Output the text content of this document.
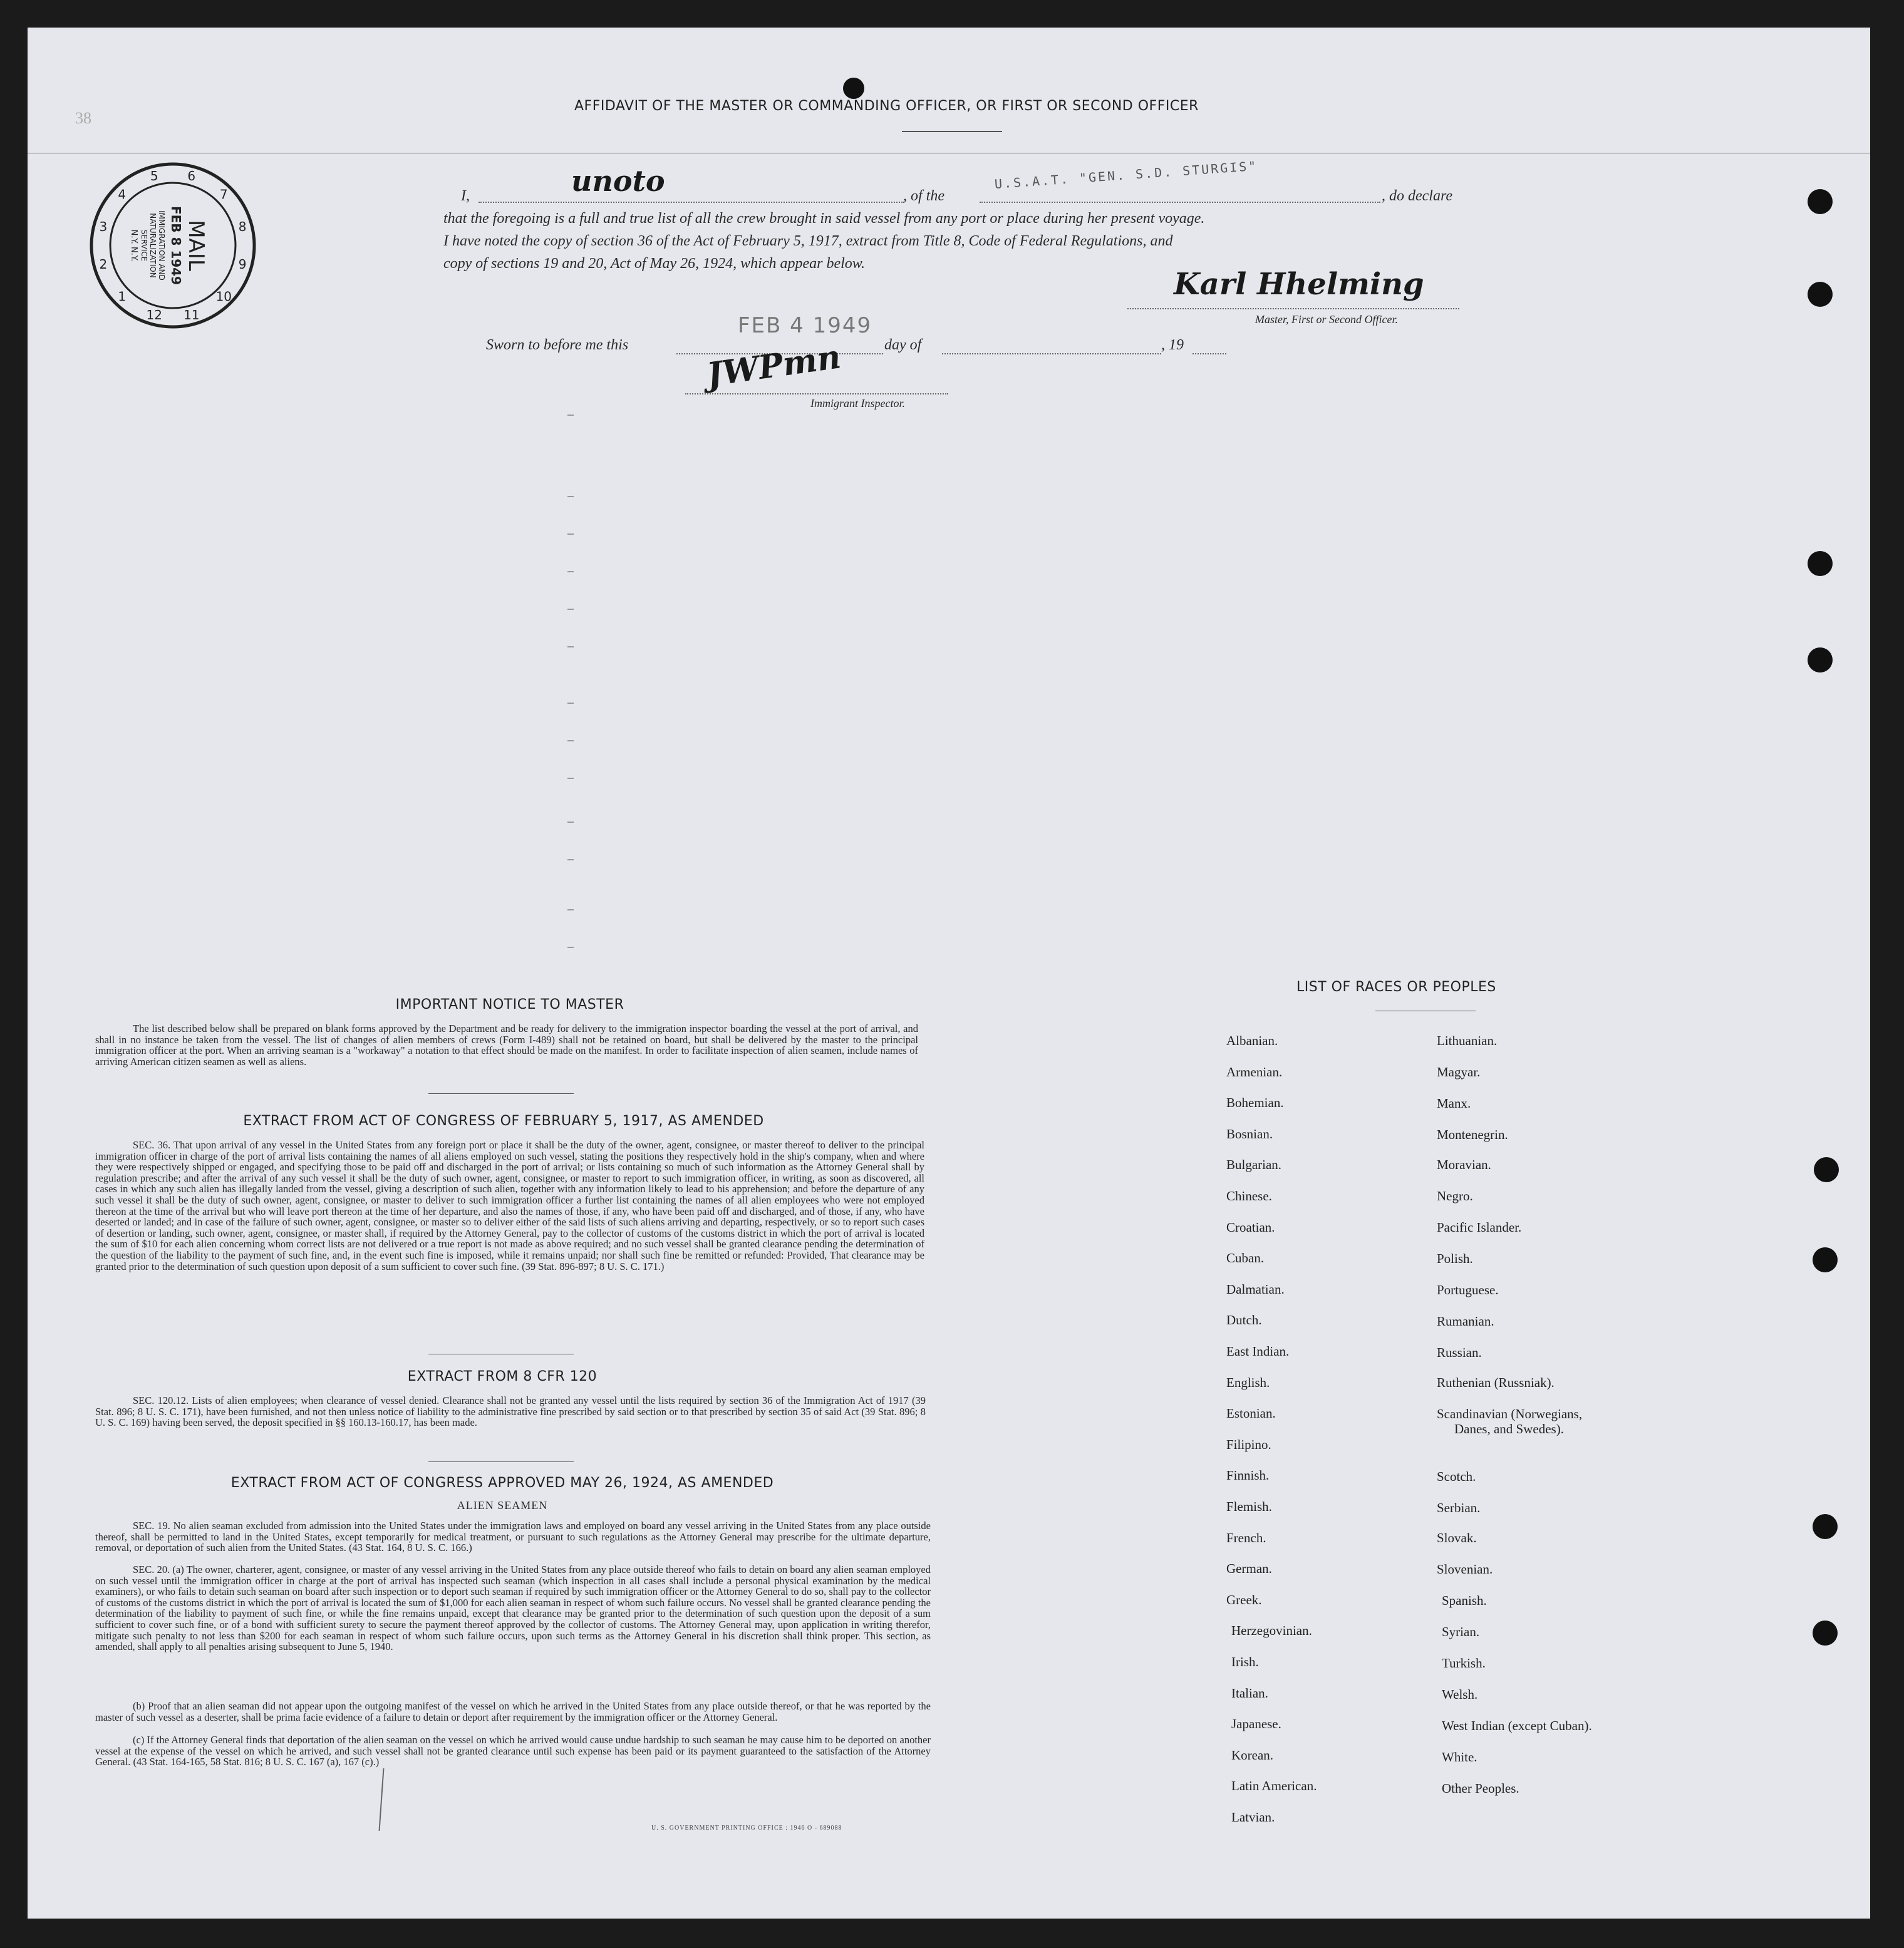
38
AFFIDAVIT OF THE MASTER OR COMMANDING OFFICER, OR FIRST OR SECOND OFFICER
1
2
3
4
5 6
7
8
9
10
11
12
MAIL
FEB 8 1949
IMMIGRATION AND
NATURALIZATION
SERVICE
N.Y. N.Y.
I,	unoto	, of the
U.S.A.T. "GEN. S.D. STURGIS"
, do declare
that the foregoing is a full and true list of all the crew brought in said vessel from any port or place during her present voyage.
I have noted the copy of section 36 of the Act of February 5, 1917, extract from Title 8, Code of Federal Regulations, and
copy of sections 19 and 20, Act of May 26, 1924, which appear below.
Karl Hhelming
Master, First or Second Officer.
Sworn to before me this
FEB 4 1949
day of	, 19
JWPmn
Immigrant Inspector.
IMPORTANT NOTICE TO MASTER
The list described below shall be prepared on blank forms approved by the Department and be ready for delivery to the immigration inspector boarding the vessel at the port of arrival, and shall in no instance be taken from the vessel. The list of changes of alien members of crews (Form I-489) shall not be retained on board, but shall be delivered by the master to the principal immigration officer at the port. When an arriving seaman is a "workaway" a notation to that effect should be made on the manifest. In order to facilitate inspection of alien seamen, include names of arriving American citizen seamen as well as aliens.
EXTRACT FROM ACT OF CONGRESS OF FEBRUARY 5, 1917, AS AMENDED
SEC. 36. That upon arrival of any vessel in the United States from any foreign port or place it shall be the duty of the owner, agent, consignee, or master thereof to deliver to the principal immigration officer in charge of the port of arrival lists containing the names of all aliens employed on such vessel, stating the positions they respectively hold in the ship's company, when and where they were respectively shipped or engaged, and specifying those to be paid off and discharged in the port of arrival; or lists containing so much of such information as the Attorney General shall by regulation prescribe; and after the arrival of any such vessel it shall be the duty of such owner, agent, consignee, or master to report to such immigration officer, in writing, as soon as discovered, all cases in which any such alien has illegally landed from the vessel, giving a description of such alien, together with any information likely to lead to his apprehension; and before the departure of any such vessel it shall be the duty of such owner, agent, consignee, or master to deliver to such immigration officer a further list containing the names of all alien employees who were not employed thereon at the time of the arrival but who will leave port thereon at the time of her departure, and also the names of those, if any, who have been paid off and discharged, and of those, if any, who have deserted or landed; and in case of the failure of such owner, agent, consignee, or master so to deliver either of the said lists of such aliens arriving and departing, respectively, or so to report such cases of desertion or landing, such owner, agent, consignee, or master shall, if required by the Attorney General, pay to the collector of customs of the customs district in which the port of arrival is located the sum of $10 for each alien concerning whom correct lists are not delivered or a true report is not made as above required; and no such vessel shall be granted clearance pending the determination of the question of the liability to the payment of such fine, and, in the event such fine is imposed, while it remains unpaid; nor shall such fine be remitted or refunded: Provided, That clearance may be granted prior to the determination of such question upon deposit of a sum sufficient to cover such fine. (39 Stat. 896-897; 8 U. S. C. 171.)
EXTRACT FROM 8 CFR 120
SEC. 120.12. Lists of alien employees; when clearance of vessel denied. Clearance shall not be granted any vessel until the lists required by section 36 of the Immigration Act of 1917 (39 Stat. 896; 8 U. S. C. 171), have been furnished, and not then unless notice of liability to the administrative fine prescribed by said section or to that prescribed by section 35 of said Act (39 Stat. 896; 8 U. S. C. 169) having been served, the deposit specified in §§ 160.13-160.17, has been made.
EXTRACT FROM ACT OF CONGRESS APPROVED MAY 26, 1924, AS AMENDED
ALIEN SEAMEN
SEC. 19. No alien seaman excluded from admission into the United States under the immigration laws and employed on board any vessel arriving in the United States from any place outside thereof, shall be permitted to land in the United States, except temporarily for medical treatment, or pursuant to such regulations as the Attorney General may prescribe for the ultimate departure, removal, or deportation of such alien from the United States. (43 Stat. 164, 8 U. S. C. 166.)
SEC. 20. (a) The owner, charterer, agent, consignee, or master of any vessel arriving in the United States from any place outside thereof who fails to detain on board any alien seaman employed on such vessel until the immigration officer in charge at the port of arrival has inspected such seaman (which inspection in all cases shall include a personal physical examination by the medical examiners), or who fails to detain such seaman on board after such inspection or to deport such seaman if required by such immigration officer or the Attorney General to do so, shall pay to the collector of customs of the customs district in which the port of arrival is located the sum of $1,000 for each alien seaman in respect of whom such failure occurs. No vessel shall be granted clearance pending the determination of the liability to payment of such fine, or while the fine remains unpaid, except that clearance may be granted prior to the determination of such question upon the deposit of a sum sufficient to cover such fine, or of a bond with sufficient surety to secure the payment thereof approved by the collector of customs. The Attorney General may, upon application in writing therefor, mitigate such penalty to not less than $200 for each seaman in respect of whom such failure occurs, upon such terms as the Attorney General in his discretion shall think proper. This section, as amended, shall apply to all penalties arising subsequent to June 5, 1940.
(b) Proof that an alien seaman did not appear upon the outgoing manifest of the vessel on which he arrived in the United States from any place outside thereof, or that he was reported by the master of such vessel as a deserter, shall be prima facie evidence of a failure to detain or deport after requirement by the immigration officer or the Attorney General.
(c) If the Attorney General finds that deportation of the alien seaman on the vessel on which he arrived would cause undue hardship to such seaman he may cause him to be deported on another vessel at the expense of the vessel on which he arrived, and such vessel shall not be granted clearance until such expense has been paid or its payment guaranteed to the satisfaction of the Attorney General. (43 Stat. 164-165, 58 Stat. 816; 8 U. S. C. 167 (a), 167 (c).)
U. S. GOVERNMENT PRINTING OFFICE : 1946 O - 689088
LIST OF RACES OR PEOPLES
Albanian.
Armenian.
Bohemian.
Bosnian.
Bulgarian.
Chinese.
Croatian.
Cuban.
Dalmatian.
Dutch.
East Indian.
English.
Estonian.
Filipino.
Finnish.
Flemish.
French.
German.
Greek.
Herzegovinian.
Irish.
Italian.
Japanese.
Korean.
Latin American.
Latvian.
Lithuanian.
Magyar.
Manx.
Montenegrin.
Moravian.
Negro.
Pacific Islander.
Polish.
Portuguese.
Rumanian.
Russian.
Ruthenian (Russniak).
Scandinavian (Norwegians,
Danes, and Swedes).
Scotch.
Serbian.
Slovak.
Slovenian.
Spanish.
Syrian.
Turkish.
Welsh.
West Indian (except Cuban).
White.
Other Peoples.
